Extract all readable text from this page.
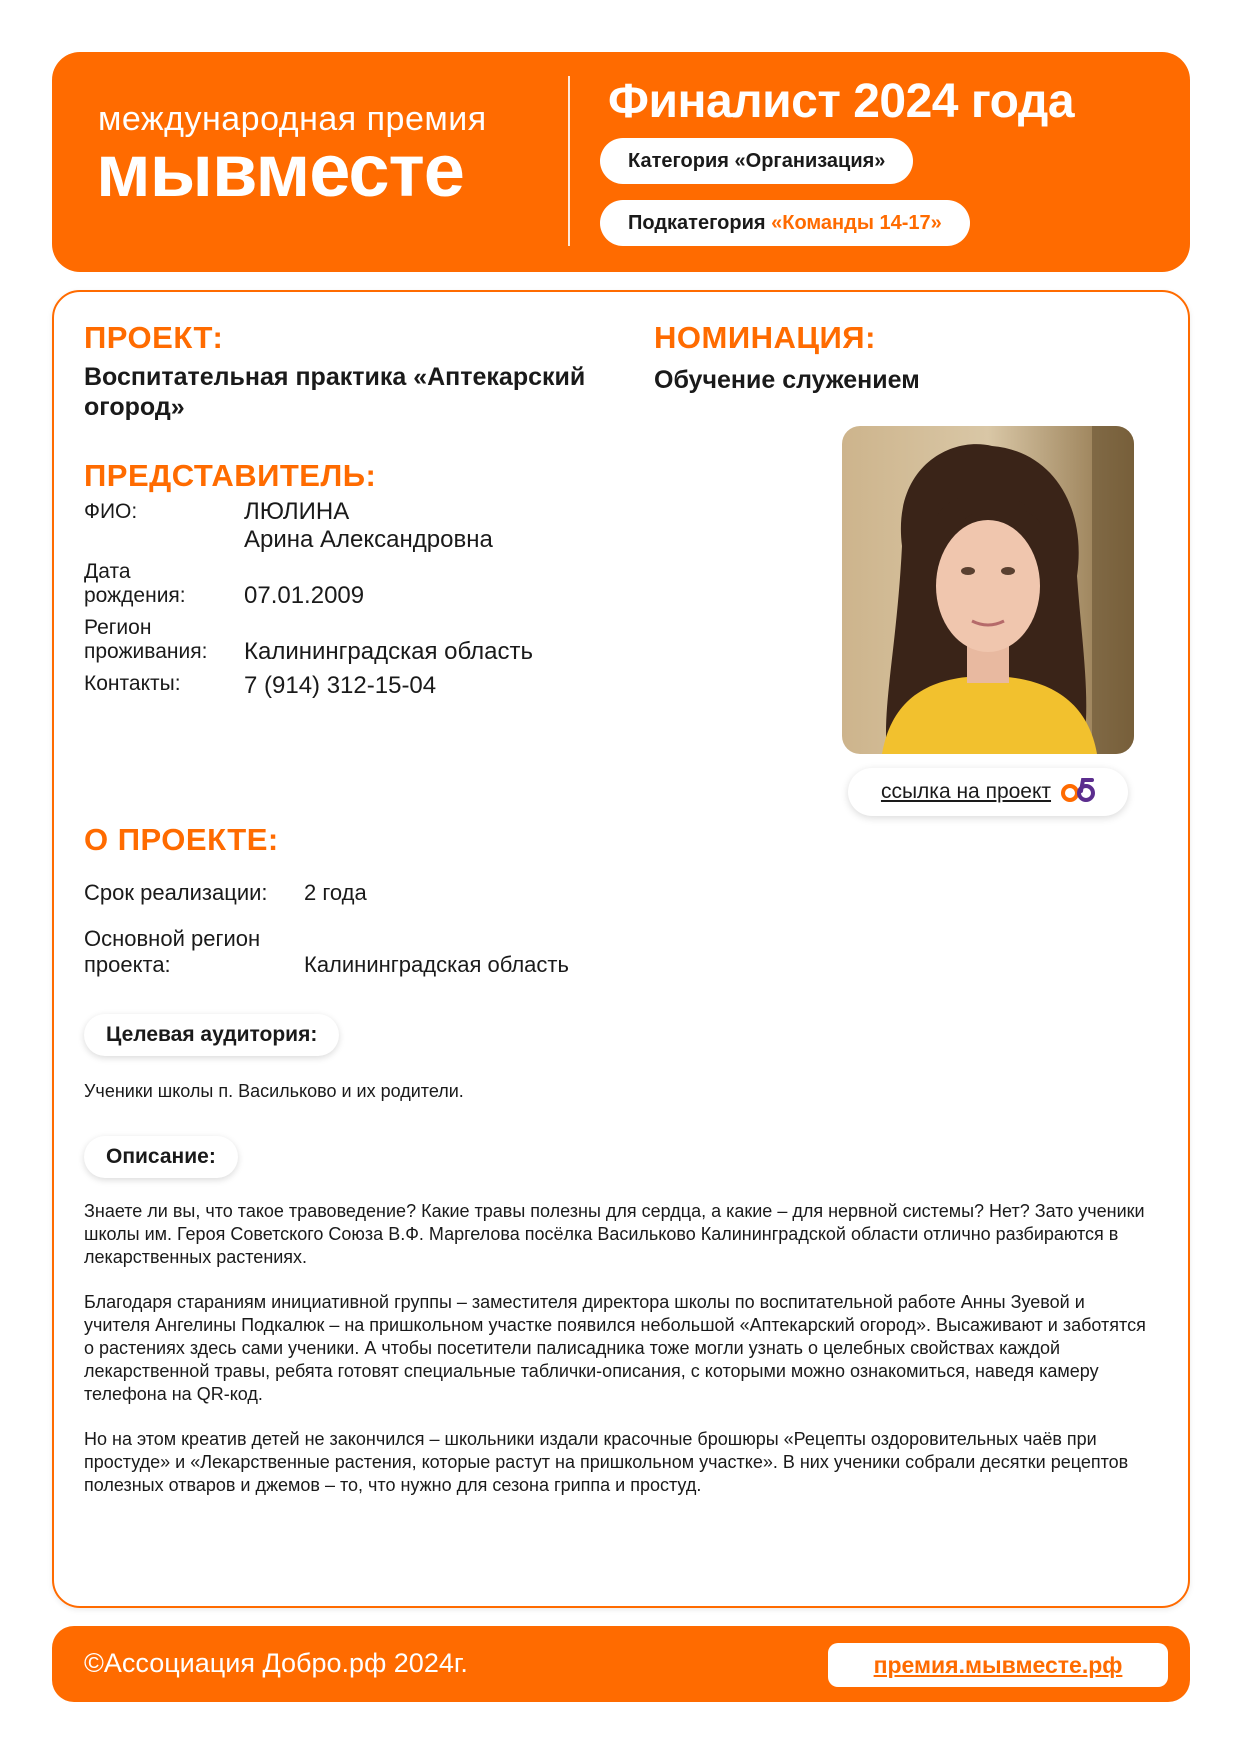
международная премия
мывместе
Финалист 2024 года
Категория «Организация»
Подкатегория
«Команды 14-17»
ПРОЕКТ:
Воспитательная практика «Аптекарский огород»
НОМИНАЦИЯ:
Обучение служением
ПРЕДСТАВИТЕЛЬ:
ФИО:	ЛЮЛИНА
Арина Александровна
Дата
рождения:	07.01.2009
Регион
проживания:	Калининградская область
Контакты:	7 (914) 312-15-04
ссылка на проект
О ПРОЕКТЕ:
Срок реализации:	2 года
Основной регион
проекта:	Калининградская область
Целевая аудитория:
Ученики школы п. Васильково и их родители.
Описание:
Знаете ли вы, что такое травоведение? Какие травы полезны для сердца, а какие – для нервной системы? Нет? Зато ученики школы им. Героя Советского Союза В.Ф. Маргелова посёлка Васильково Калининградской области отлично разбираются в лекарственных растениях.
Благодаря стараниям инициативной группы – заместителя директора школы по воспитательной работе Анны Зуевой и учителя Ангелины Подкалюк – на пришкольном участке появился небольшой «Аптекарский огород». Высаживают и заботятся о растениях здесь сами ученики. А чтобы посетители палисадника тоже могли узнать о целебных свойствах каждой лекарственной травы, ребята готовят специальные таблички-описания, с которыми можно ознакомиться, наведя камеру телефона на QR-код.
Но на этом креатив детей не закончился – школьники издали красочные брошюры «Рецепты оздоровительных чаёв при простуде» и «Лекарственные растения, которые растут на пришкольном участке». В них ученики собрали десятки рецептов полезных отваров и джемов – то, что нужно для сезона гриппа и простуд.
©Ассоциация Добро.рф 2024г.	премия.мывместе.рф
